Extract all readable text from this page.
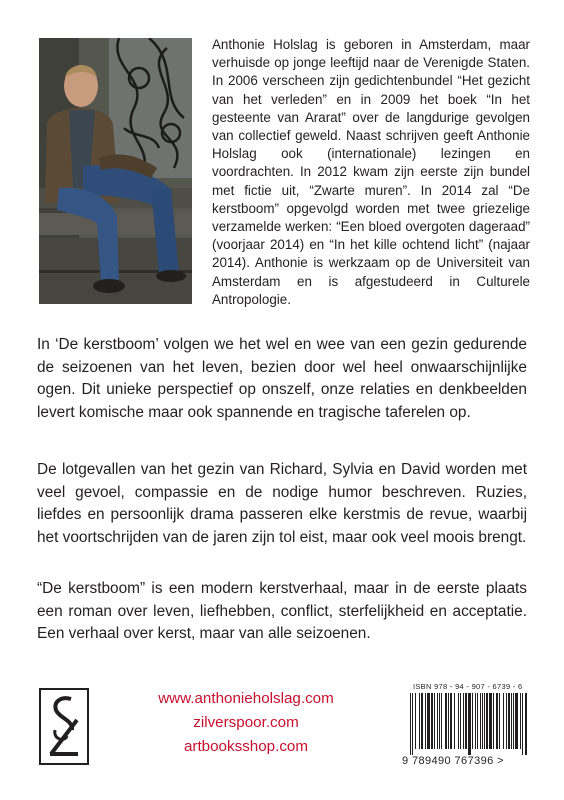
Anthonie Holslag is geboren in Amsterdam, maar verhuisde op jonge leeftijd naar de Verenigde Staten. In 2006 verscheen zijn gedichtenbundel “Het gezicht van het verleden” en in 2009 het boek “In het gesteente van Ararat” over de langdurige gevolgen van collectief geweld. Naast schrijven geeft Anthonie Holslag ook (internationale) lezingen en voordrachten. In 2012 kwam zijn eerste zijn bundel met fictie uit, “Zwarte muren”. In 2014 zal “De kerstboom” opgevolgd worden met twee griezelige verzamelde werken: “Een bloed overgoten dageraad” (voorjaar 2014) en “In het kille ochtend licht” (najaar 2014). Anthonie is werkzaam op de Universiteit van Amsterdam en is afgestudeerd in Culturele Antropologie.

In ‘De kerstboom’ volgen we het wel en wee van een gezin gedurende de seizoenen van het leven, bezien door wel heel onwaarschijnlijke ogen. Dit unieke perspectief op onszelf, onze relaties en denkbeelden levert komische maar ook spannende en tragische taferelen op.

De lotgevallen van het gezin van Richard, Sylvia en David worden met veel gevoel, compassie en de nodige humor beschreven. Ruzies, liefdes en persoonlijk drama passeren elke kerstmis de revue, waarbij het voortschrijden van de jaren zijn tol eist, maar ook veel moois brengt.

“De kerstboom” is een modern kerstverhaal, maar in de eerste plaats een roman over leven, liefhebben, conflict, sterfelijkheid en acceptatie. Een verhaal over kerst, maar van alle seizoenen.

www.anthonieholslag.com
zilverspoor.com
artbooksshop.com
ISBN 978 - 94 - 907 - 6739 - 6
9 789490 767396 >
